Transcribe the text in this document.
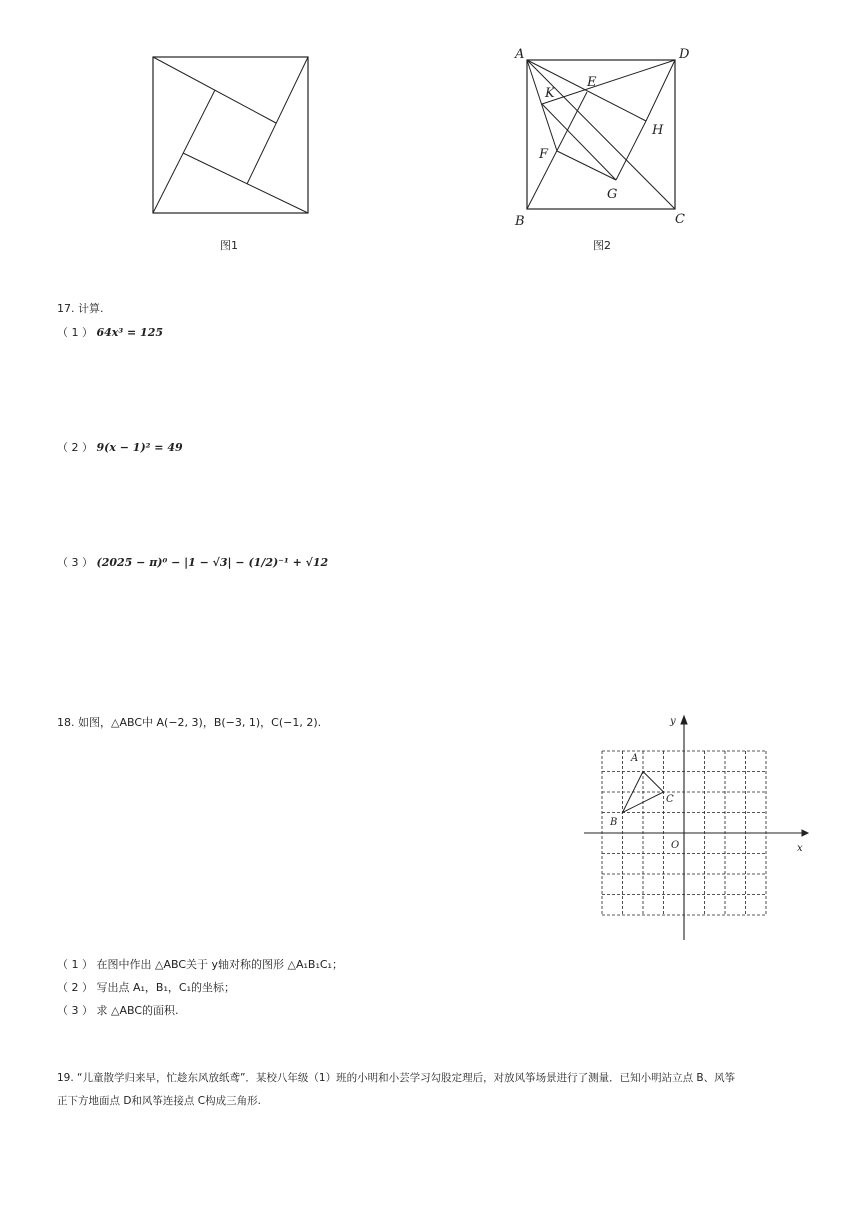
图1
A	D
B	C
E
K
H
F
G
图2
17. 计算.
（ 1 ） 64x³ = 125
（ 2 ） 9(x − 1)² = 49
（ 3 ） (2025 − π)⁰ − |1 − √3| − (1/2)⁻¹ + √12
18. 如图，△ABC中 A(−2, 3)，B(−3, 1)，C(−1, 2).
x
y
O
A
B
C
（ 1 ） 在图中作出 △ABC关于 y轴对称的图形 △A₁B₁C₁；
（ 2 ） 写出点 A₁，B₁，C₁的坐标；
（ 3 ） 求 △ABC的面积.
19. “儿童散学归来早，忙趁东风放纸鸢”．某校八年级（1）班的小明和小芸学习勾股定理后，对放风筝场景进行了测量．已知小明站立点 B、风筝
正下方地面点 D和风筝连接点 C构成三角形.
